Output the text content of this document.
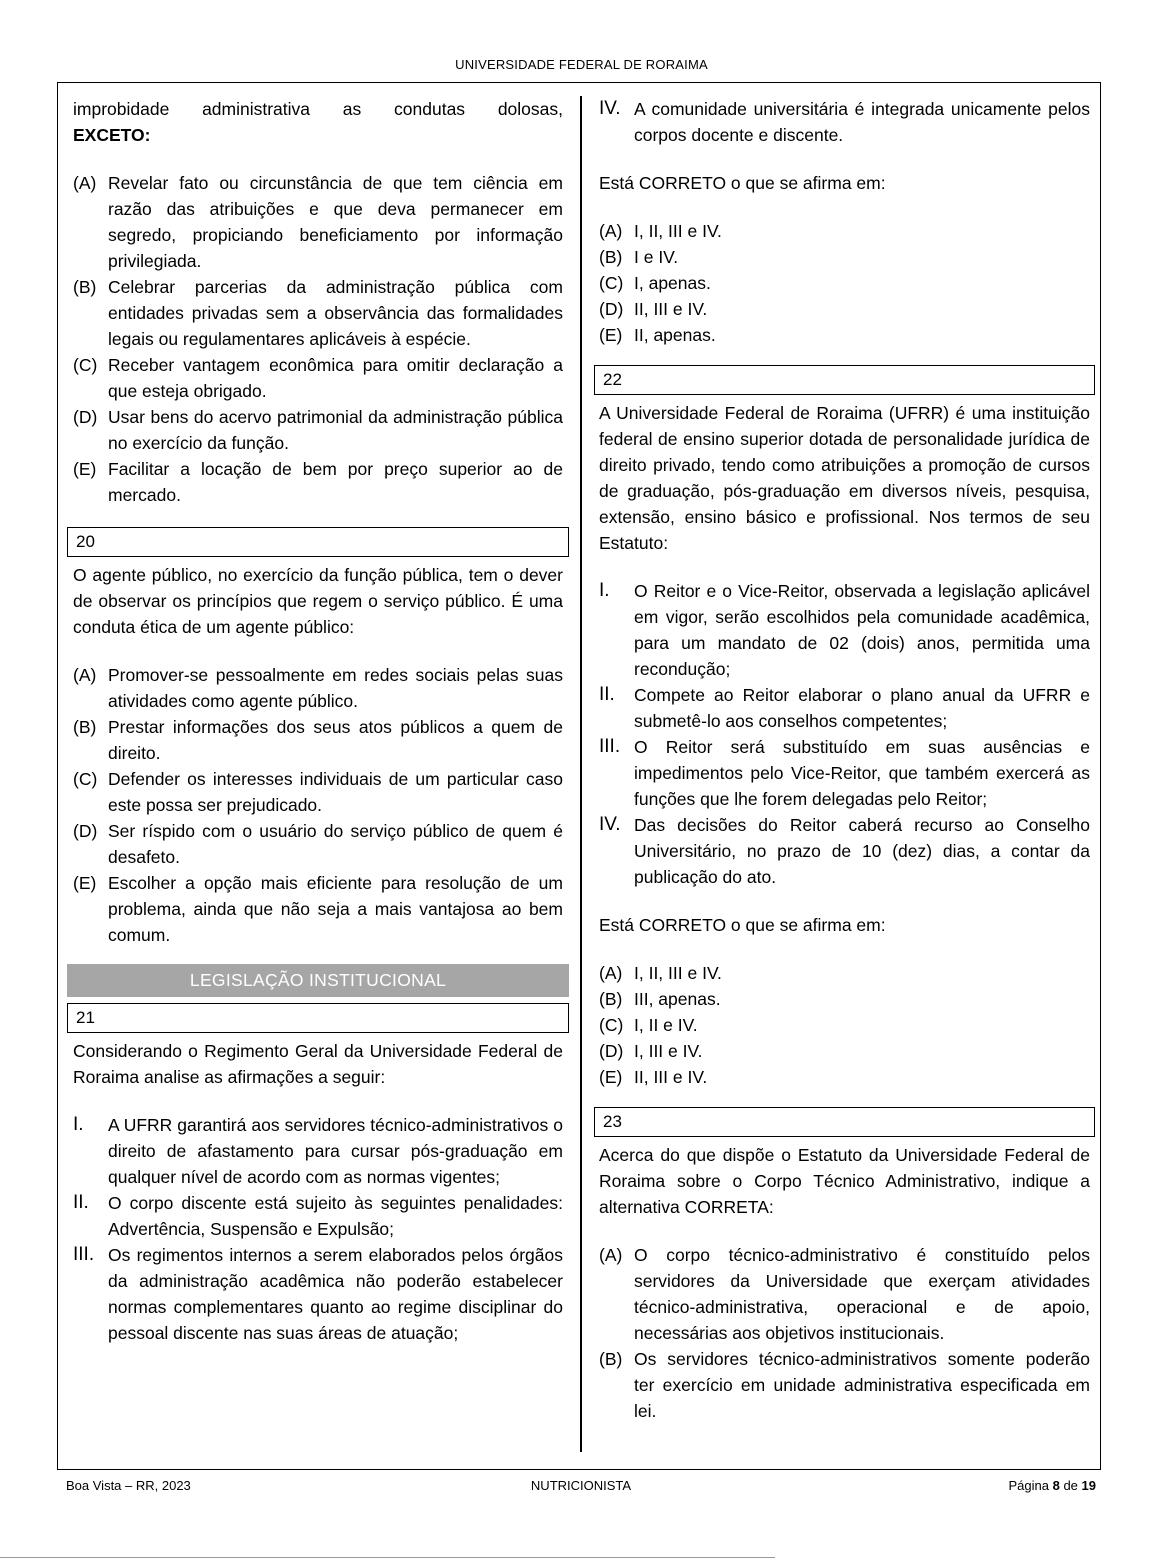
UNIVERSIDADE FEDERAL DE RORAIMA

improbidade administrativa as condutas dolosas,

EXCETO:

(A) Revelar fato ou circunstância de que tem ciência em razão das atribuições e que deva permanecer em segredo, propiciando beneficiamento por informação privilegiada.
(B) Celebrar parcerias da administração pública com entidades privadas sem a observância das formalidades legais ou regulamentares aplicáveis à espécie.
(C) Receber vantagem econômica para omitir declaração a que esteja obrigado.
(D) Usar bens do acervo patrimonial da administração pública no exercício da função.
(E) Facilitar a locação de bem por preço superior ao de mercado.
20

O agente público, no exercício da função pública, tem o dever de observar os princípios que regem o serviço público. É uma conduta ética de um agente público:

(A) Promover-se pessoalmente em redes sociais pelas suas atividades como agente público.
(B) Prestar informações dos seus atos públicos a quem de direito.
(C) Defender os interesses individuais de um particular caso este possa ser prejudicado.
(D) Ser ríspido com o usuário do serviço público de quem é desafeto.
(E) Escolher a opção mais eficiente para resolução de um problema, ainda que não seja a mais vantajosa ao bem comum.
LEGISLAÇÃO INSTITUCIONAL
21

Considerando o Regimento Geral da Universidade Federal de Roraima analise as afirmações a seguir:

I.	A UFRR garantirá aos servidores técnico-administrativos o direito de afastamento para cursar pós-graduação em qualquer nível de acordo com as normas vigentes;
II.	O corpo discente está sujeito às seguintes penalidades: Advertência, Suspensão e Expulsão;
III. Os regimentos internos a serem elaborados pelos órgãos da administração acadêmica não poderão estabelecer normas complementares quanto ao regime disciplinar do pessoal discente nas suas áreas de atuação;
IV. A comunidade universitária é integrada unicamente pelos corpos docente e discente.

Está CORRETO o que se afirma em:

(A) I, II, III e IV.
(B) I e IV.
(C) I, apenas.
(D) II, III e IV.
(E) II, apenas.
22

A Universidade Federal de Roraima (UFRR) é uma instituição federal de ensino superior dotada de personalidade jurídica de direito privado, tendo como atribuições a promoção de cursos de graduação, pós-graduação em diversos níveis, pesquisa, extensão, ensino básico e profissional. Nos termos de seu Estatuto:

I.	O Reitor e o Vice-Reitor, observada a legislação aplicável em vigor, serão escolhidos pela comunidade acadêmica, para um mandato de 02 (dois) anos, permitida uma recondução;
II.	Compete ao Reitor elaborar o plano anual da UFRR e submetê-lo aos conselhos competentes;
III. O Reitor será substituído em suas ausências e impedimentos pelo Vice-Reitor, que também exercerá as funções que lhe forem delegadas pelo Reitor;
IV. Das decisões do Reitor caberá recurso ao Conselho Universitário, no prazo de 10 (dez) dias, a contar da publicação do ato.

Está CORRETO o que se afirma em:

(A) I, II, III e IV.
(B) III, apenas.
(C) I, II e IV.
(D) I, III e IV.
(E) II, III e IV.
23

Acerca do que dispõe o Estatuto da Universidade Federal de Roraima sobre o Corpo Técnico Administrativo, indique a alternativa CORRETA:

(A) O corpo técnico-administrativo é constituído pelos servidores da Universidade que exerçam atividades técnico-administrativa, operacional e de apoio, necessárias aos objetivos institucionais.
(B) Os servidores técnico-administrativos somente poderão ter exercício em unidade administrativa especificada em lei.
Boa Vista – RR, 2023	NUTRICIONISTA	Página 8 de 19
